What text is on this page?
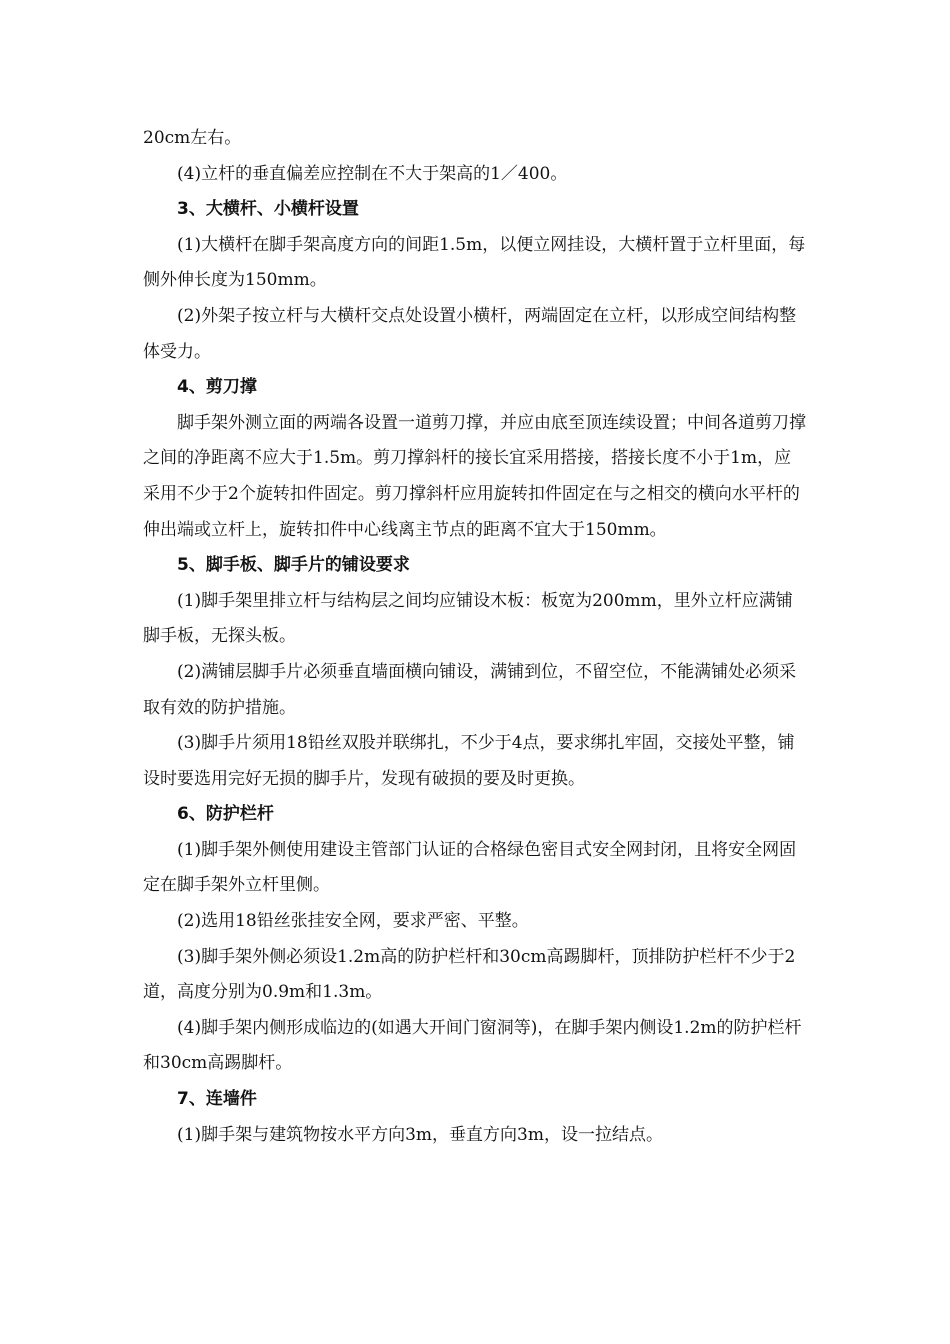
20cm左右。

(4)立杆的垂直偏差应控制在不大于架高的1／400。

3、大横杆、小横杆设置

(1)大横杆在脚手架高度方向的间距1.5m，以便立网挂设，大横杆置于立杆里面，每侧外伸长度为150mm。

(2)外架子按立杆与大横杆交点处设置小横杆，两端固定在立杆，以形成空间结构整体受力。

4、剪刀撑

脚手架外测立面的两端各设置一道剪刀撑，并应由底至顶连续设置；中间各道剪刀撑之间的净距离不应大于1.5m。剪刀撑斜杆的接长宜采用搭接，搭接长度不小于1m，应采用不少于2个旋转扣件固定。剪刀撑斜杆应用旋转扣件固定在与之相交的横向水平杆的伸出端或立杆上，旋转扣件中心线离主节点的距离不宜大于150mm。

5、脚手板、脚手片的铺设要求

(1)脚手架里排立杆与结构层之间均应铺设木板：板宽为200mm，里外立杆应满铺脚手板，无探头板。

(2)满铺层脚手片必须垂直墙面横向铺设，满铺到位，不留空位，不能满铺处必须采取有效的防护措施。

(3)脚手片须用18铅丝双股并联绑扎，不少于4点，要求绑扎牢固，交接处平整，铺设时要选用完好无损的脚手片，发现有破损的要及时更换。

6、防护栏杆

(1)脚手架外侧使用建设主管部门认证的合格绿色密目式安全网封闭，且将安全网固定在脚手架外立杆里侧。

(2)选用18铅丝张挂安全网，要求严密、平整。

(3)脚手架外侧必须设1.2m高的防护栏杆和30cm高踢脚杆，顶排防护栏杆不少于2道，高度分别为0.9m和1.3m。

(4)脚手架内侧形成临边的(如遇大开间门窗洞等)，在脚手架内侧设1.2m的防护栏杆和30cm高踢脚杆。

7、连墙件

(1)脚手架与建筑物按水平方向3m，垂直方向3m，设一拉结点。
